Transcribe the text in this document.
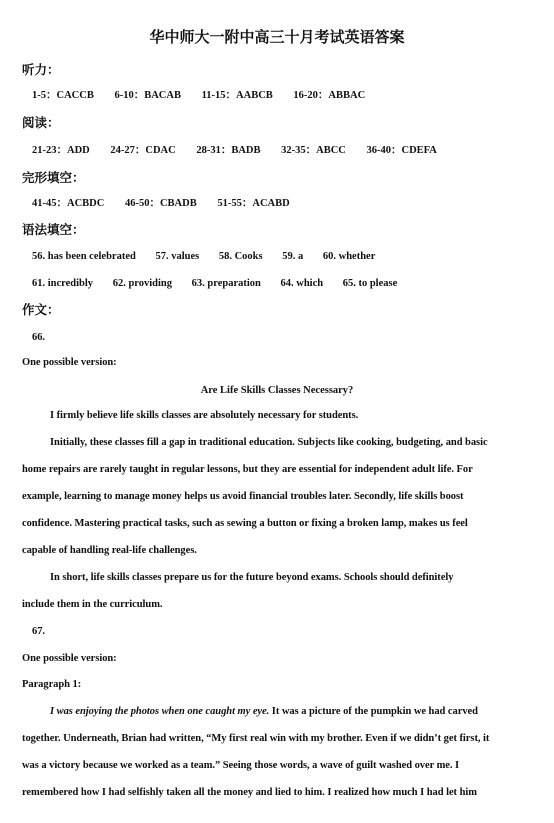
华中师大一附中高三十月考试英语答案
听力：
1-5：CACCB 6-10：BACAB 11-15：AABCB 16-20：ABBAC
阅读：
21-23：ADD 24-27：CDAC 28-31：BADB 32-35：ABCC 36-40：CDEFA
完形填空：
41-45：ACBDC 46-50：CBADB 51-55：ACABD
语法填空：
56. has been celebrated 57. values 58. Cooks 59. a 60. whether
61. incredibly 62. providing 63. preparation 64. which 65. to please
作文：
66.
One possible version:
Are Life Skills Classes Necessary?
I firmly believe life skills classes are absolutely necessary for students.
Initially, these classes fill a gap in traditional education. Subjects like cooking, budgeting, and basic
home repairs are rarely taught in regular lessons, but they are essential for independent adult life. For
example, learning to manage money helps us avoid financial troubles later. Secondly, life skills boost
confidence. Mastering practical tasks, such as sewing a button or fixing a broken lamp, makes us feel
capable of handling real-life challenges.
In short, life skills classes prepare us for the future beyond exams. Schools should definitely
include them in the curriculum.
67.
One possible version:
Paragraph 1:
I was enjoying the photos when one caught my eye. It was a picture of the pumpkin we had carved
together. Underneath, Brian had written, “My first real win with my brother. Even if we didn’t get first, it
was a victory because we worked as a team.” Seeing those words, a wave of guilt washed over me. I
remembered how I had selfishly taken all the money and lied to him. I realized how much I had let him
